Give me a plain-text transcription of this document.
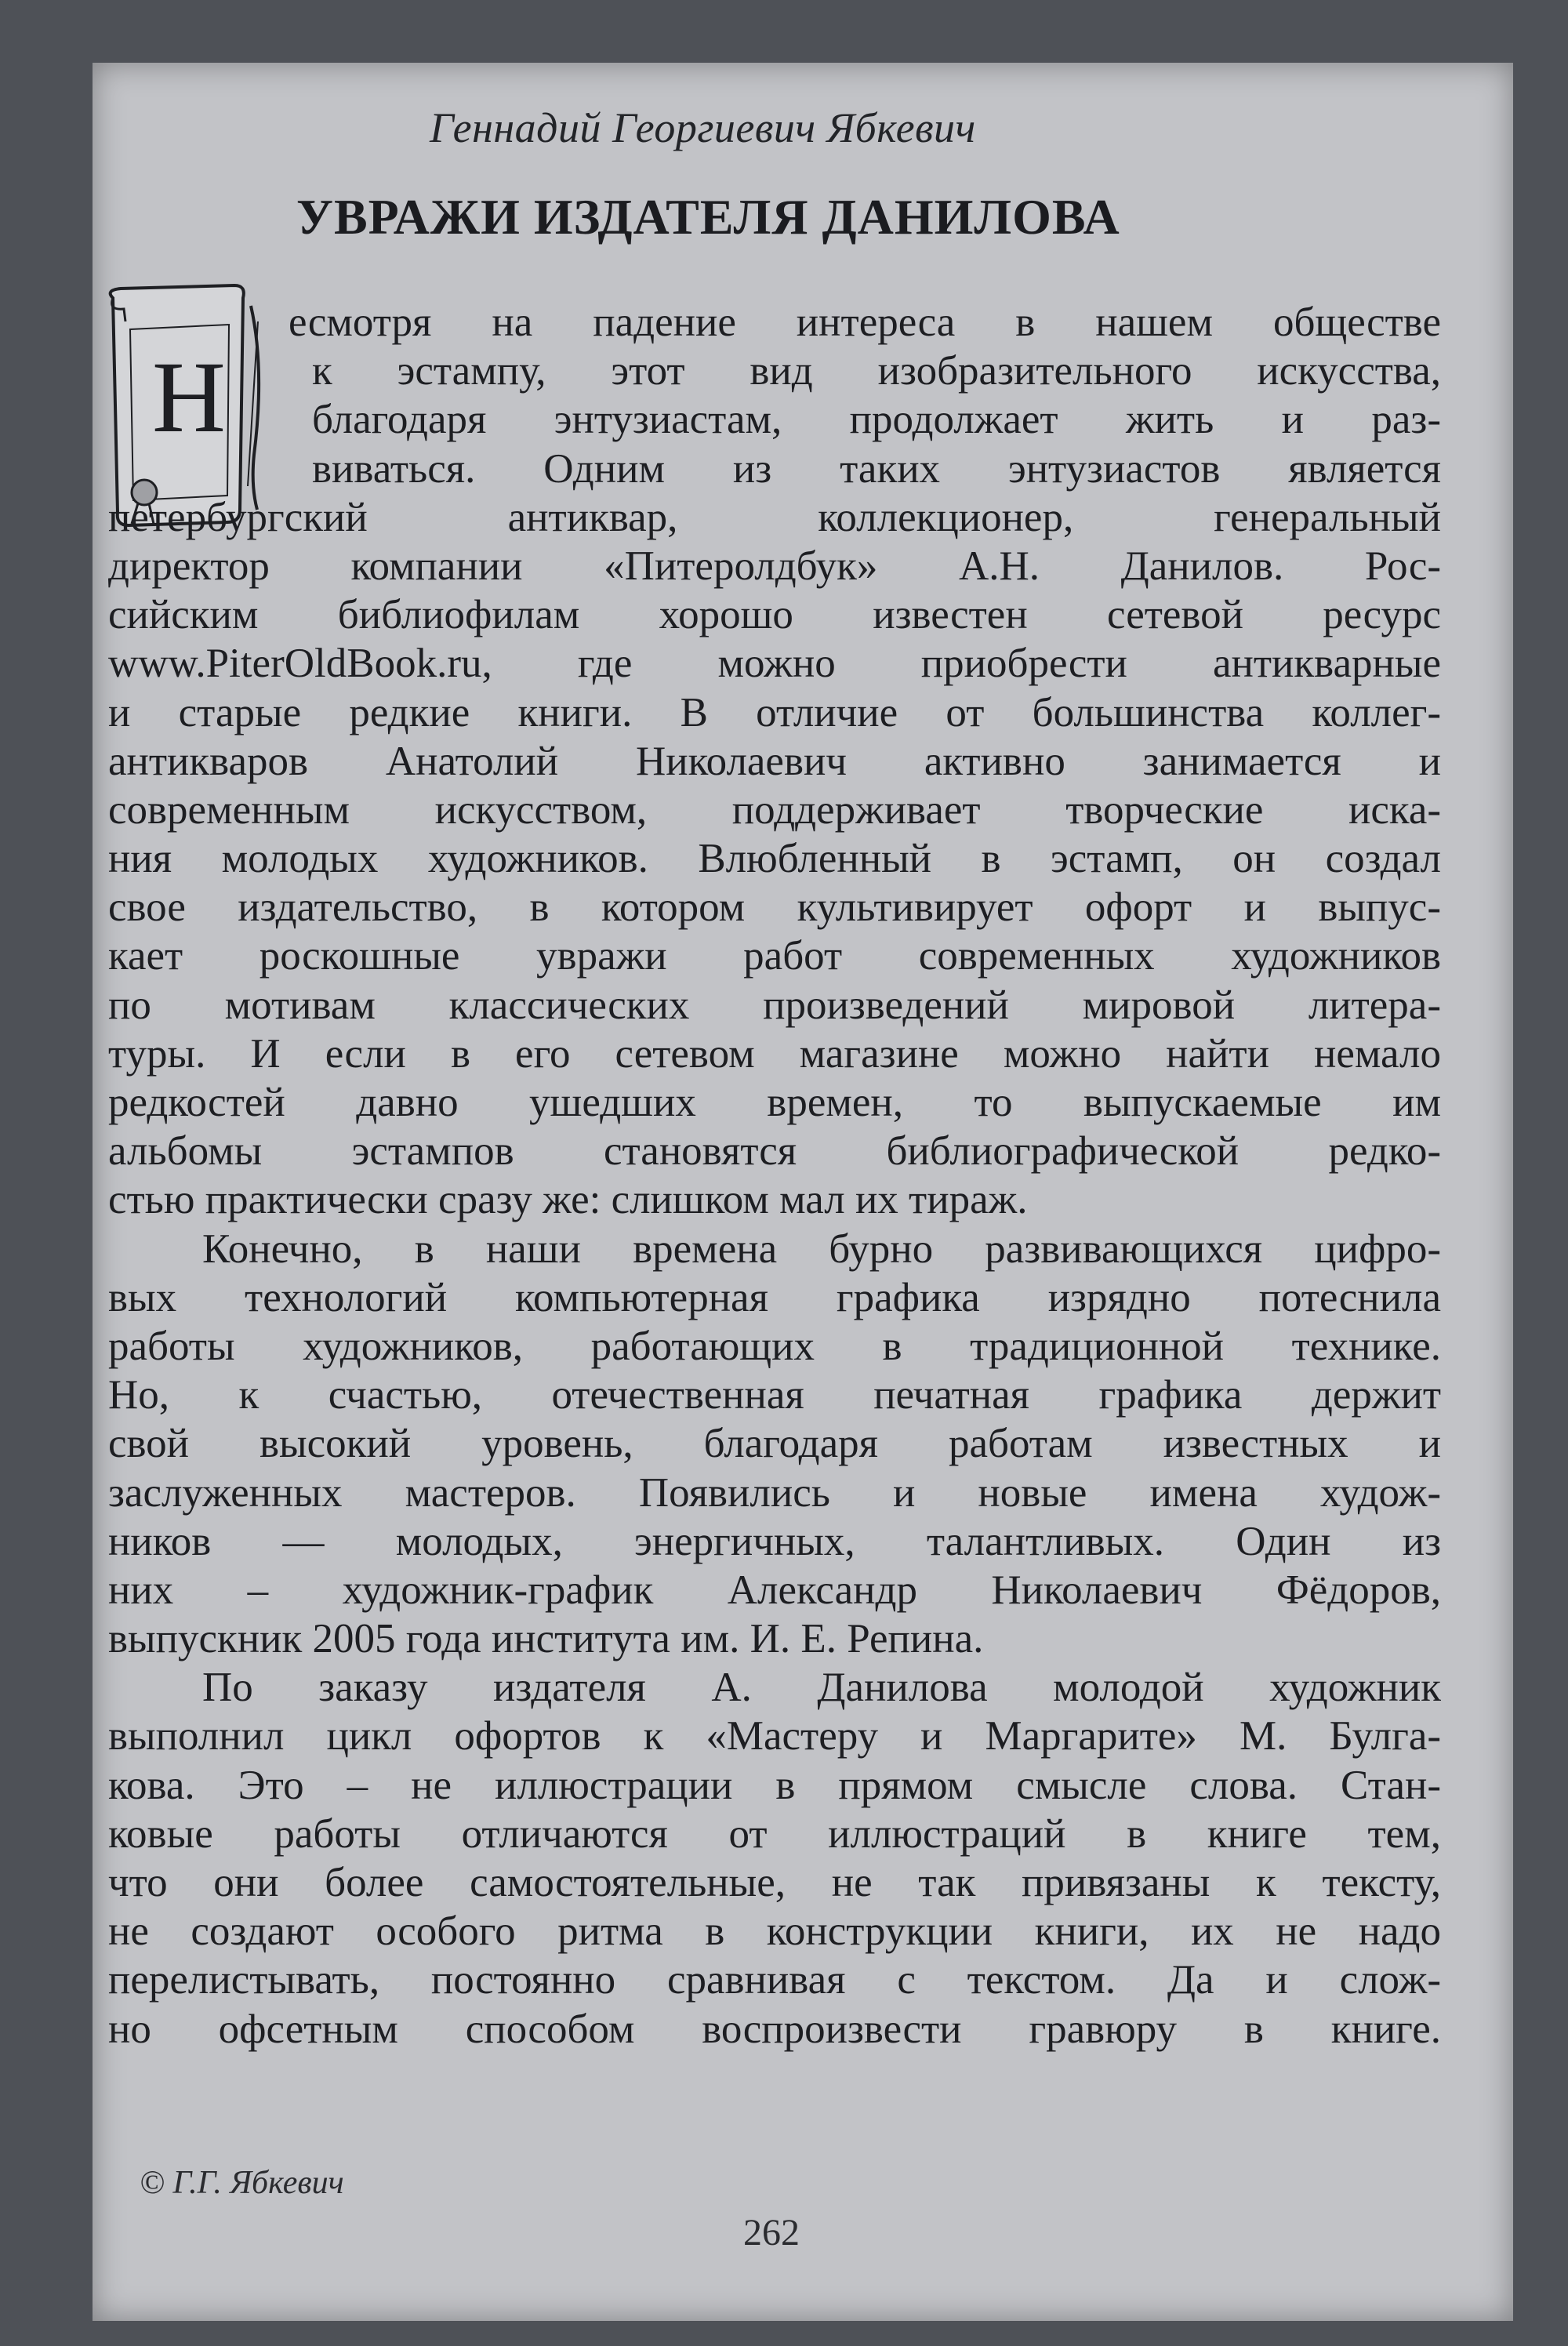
Геннадий Георгиевич Ябкевич
УВРАЖИ ИЗДАТЕЛЯ ДАНИЛОВА
Н
есмотря на падение интереса в нашем обществе
к эстампу, этот вид изобразительного искусства,
благодаря энтузиастам, продолжает жить и раз-
виваться. Одним из таких энтузиастов является
петербургский антиквар, коллекционер, генеральный
директор компании «Питеролдбук» А.Н. Данилов. Рос-
сийским библиофилам хорошо известен сетевой ресурс
www.PiterOldBook.ru, где можно приобрести антикварные
и старые редкие книги. В отличие от большинства коллег-
антикваров Анатолий Николаевич активно занимается и
современным искусством, поддерживает творческие иска-
ния молодых художников. Влюбленный в эстамп, он создал
свое издательство, в котором культивирует офорт и выпус-
кает роскошные увражи работ современных художников
по мотивам классических произведений мировой литера-
туры. И если в его сетевом магазине можно найти немало
редкостей давно ушедших времен, то выпускаемые им
альбомы эстампов становятся библиографической редко-
стью практически сразу же: слишком мал их тираж.
Конечно, в наши времена бурно развивающихся цифро-
вых технологий компьютерная графика изрядно потеснила
работы художников, работающих в традиционной технике.
Но, к счастью, отечественная печатная графика держит
свой высокий уровень, благодаря работам известных и
заслуженных мастеров. Появились и новые имена худож-
ников — молодых, энергичных, талантливых. Один из
них – художник-график Александр Николаевич Фёдоров,
выпускник 2005 года института им. И. Е. Репина.
По заказу издателя А. Данилова молодой художник
выполнил цикл офортов к «Мастеру и Маргарите» М. Булга-
кова. Это – не иллюстрации в прямом смысле слова. Стан-
ковые работы отличаются от иллюстраций в книге тем,
что они более самостоятельные, не так привязаны к тексту,
не создают особого ритма в конструкции книги, их не надо
перелистывать, постоянно сравнивая с текстом. Да и слож-
но офсетным способом воспроизвести гравюру в книге.
© Г.Г. Ябкевич
262
